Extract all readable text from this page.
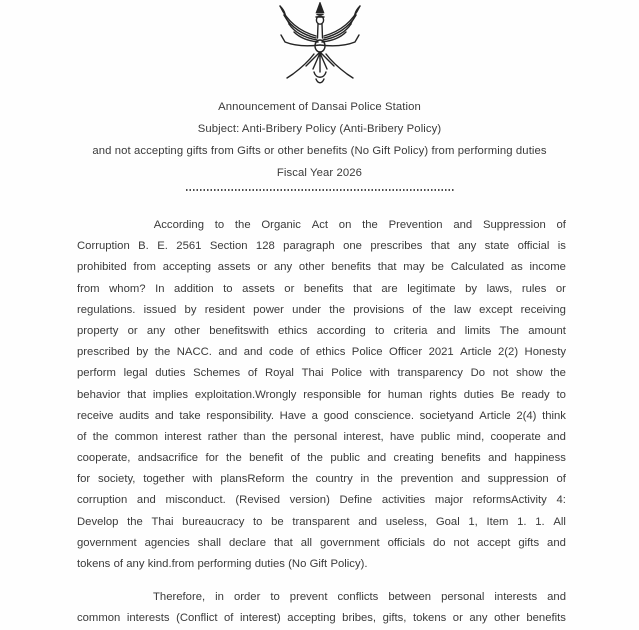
Announcement of Dansai Police Station
Subject: Anti-Bribery Policy (Anti-Bribery Policy)
and not accepting gifts from Gifts or other benefits (No Gift Policy) from performing duties
Fiscal Year 2026
According to the Organic Act on the Prevention and Suppression of
Corruption B. E. 2561 Section 128 paragraph one prescribes that any state official is
prohibited from accepting assets or any other benefits that may be Calculated as income
from whom? In addition to assets or benefits that are legitimate by laws, rules or
regulations. issued by resident power under the provisions of the law except receiving
property or any other benefitswith ethics according to criteria and limits The amount
prescribed by the NACC. and and code of ethics Police Officer 2021 Article 2(2) Honesty
perform legal duties Schemes of Royal Thai Police with transparency Do not show the
behavior that implies exploitation.Wrongly responsible for human rights duties Be ready to
receive audits and take responsibility. Have a good conscience. societyand Article 2(4) think
of the common interest rather than the personal interest, have public mind, cooperate and
cooperate, andsacrifice for the benefit of the public and creating benefits and happiness
for society, together with plansReform the country in the prevention and suppression of
corruption and misconduct. (Revised version) Define activities major reformsActivity 4:
Develop the Thai bureaucracy to be transparent and useless, Goal 1, Item 1. 1. All
government agencies shall declare that all government officials do not accept gifts and
tokens of any kind.from performing duties (No Gift Policy).
Therefore, in order to prevent conflicts between personal interests and
common interests (Conflict of interest) accepting bribes, gifts, tokens or any other benefits
